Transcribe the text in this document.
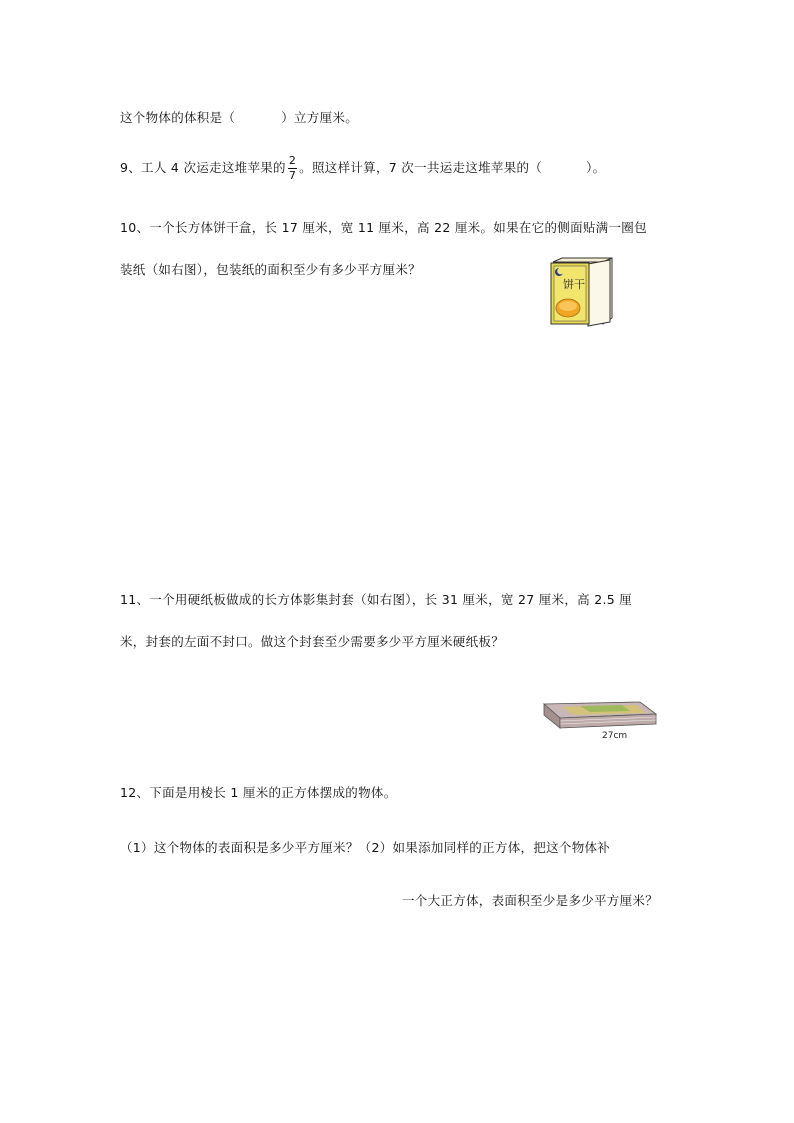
这个物体的体积是（	）立方厘米。
9、工人 4 次运走这堆苹果的 $\frac{2}{7}$ 。照这样计算，7 次一共运走这堆苹果的（	）。
10、一个长方体饼干盒，长 17 厘米，宽 11 厘米，高 22 厘米。如果在它的侧面贴满一圈包
装纸（如右图），包装纸的面积至少有多少平方厘米？
饼干
11、一个用硬纸板做成的长方体影集封套（如右图），长 31 厘米，宽 27 厘米，高 2.5 厘
米，封套的左面不封口。做这个封套至少需要多少平方厘米硬纸板？
27cm
12、下面是用棱长 1 厘米的正方体摆成的物体。
（1）这个物体的表面积是多少平方厘米？（2）如果添加同样的正方体，把这个物体补
一个大正方体，表面积至少是多少平方厘米？
